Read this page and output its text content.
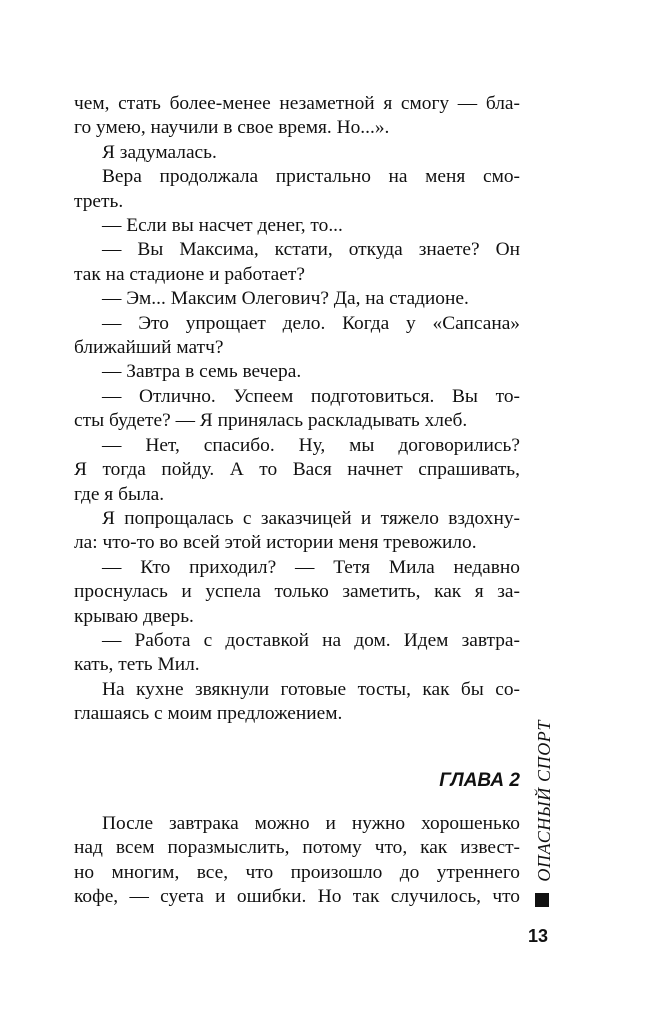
чем, стать более-менее незаметной я смогу — бла-

го умею, научили в свое время. Но...».

Я задумалась.

Вера продолжала пристально на меня смо-

треть.

— Если вы насчет денег, то...

— Вы Максима, кстати, откуда знаете? Он

так на стадионе и работает?

— Эм... Максим Олегович? Да, на стадионе.

— Это упрощает дело. Когда у «Сапсана»

ближайший матч?

— Завтра в семь вечера.

— Отлично. Успеем подготовиться. Вы то-

сты будете? — Я принялась раскладывать хлеб.

— Нет, спасибо. Ну, мы договорились?

Я тогда пойду. А то Вася начнет спрашивать,

где я была.

Я попрощалась с заказчицей и тяжело вздохну-

ла: что-то во всей этой истории меня тревожило.

— Кто приходил? — Тетя Мила недавно

проснулась и успела только заметить, как я за-

крываю дверь.

— Работа с доставкой на дом. Идем завтра-

кать, теть Мил.

На кухне звякнули готовые тосты, как бы со-

глашаясь с моим предложением.

ГЛАВА 2

После завтрака можно и нужно хорошенько

над всем поразмыслить, потому что, как извест-

но многим, все, что произошло до утреннего

кофе, — суета и ошибки. Но так случилось, что

ОПАСНЫЙ СПОРТ
13
